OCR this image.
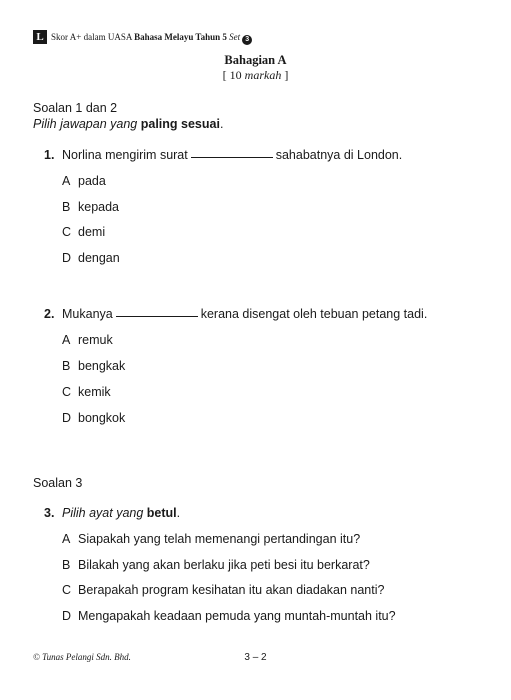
L Skor A+ dalam UASA Bahasa Melayu Tahun 5 Set 3
Bahagian A
[ 10 markah ]
Soalan 1 dan 2
Pilih jawapan yang paling sesuai.
1. Norlina mengirim surat	sahabatnya di London.
A pada
B kepada
C demi
D dengan
2. Mukanya	kerana disengat oleh tebuan petang tadi.
A remuk
B bengkak
C kemik
D bongkok
Soalan 3
3. Pilih ayat yang betul.
A Siapakah yang telah memenangi pertandingan itu?
B Bilakah yang akan berlaku jika peti besi itu berkarat?
C Berapakah program kesihatan itu akan diadakan nanti?
D Mengapakah keadaan pemuda yang muntah-muntah itu?
© Tunas Pelangi Sdn. Bhd.	3 – 2
